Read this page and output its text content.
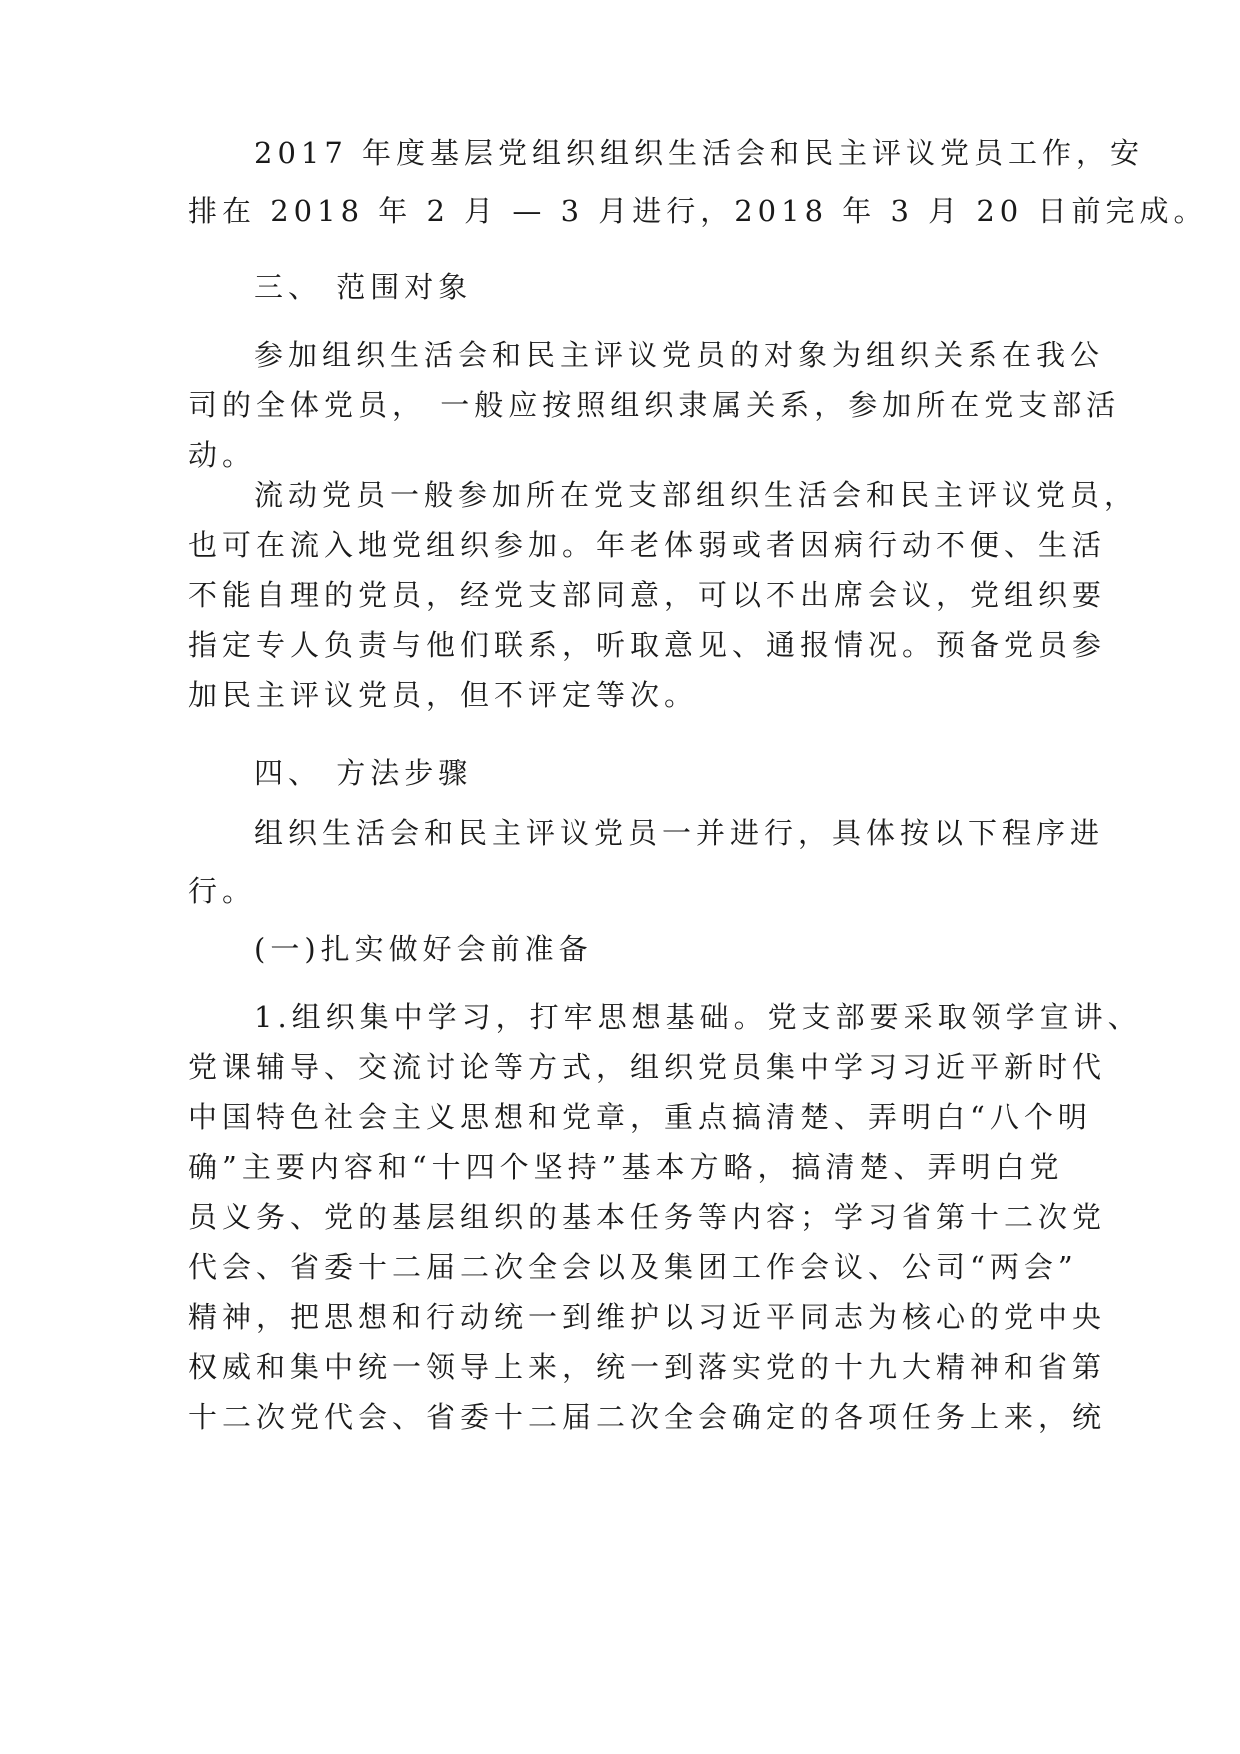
2017 年度基层党组织组织生活会和民主评议党员工作，安
排在 2018 年 2 月 — 3 月进行，2018 年 3 月 20 日前完成。
三、 范围对象
参加组织生活会和民主评议党员的对象为组织关系在我公
司的全体党员， 一般应按照组织隶属关系，参加所在党支部活
动。
流动党员一般参加所在党支部组织生活会和民主评议党员，
也可在流入地党组织参加。年老体弱或者因病行动不便、生活
不能自理的党员，经党支部同意，可以不出席会议，党组织要
指定专人负责与他们联系，听取意见、通报情况。预备党员参
加民主评议党员，但不评定等次。
四、 方法步骤
组织生活会和民主评议党员一并进行，具体按以下程序进
行。
(一)扎实做好会前准备
1.组织集中学习，打牢思想基础。党支部要采取领学宣讲、
党课辅导、交流讨论等方式，组织党员集中学习习近平新时代
中国特色社会主义思想和党章，重点搞清楚、弄明白“八个明
确”主要内容和“十四个坚持”基本方略，搞清楚、弄明白党
员义务、党的基层组织的基本任务等内容；学习省第十二次党
代会、省委十二届二次全会以及集团工作会议、公司“两会”
精神，把思想和行动统一到维护以习近平同志为核心的党中央
权威和集中统一领导上来，统一到落实党的十九大精神和省第
十二次党代会、省委十二届二次全会确定的各项任务上来，统
